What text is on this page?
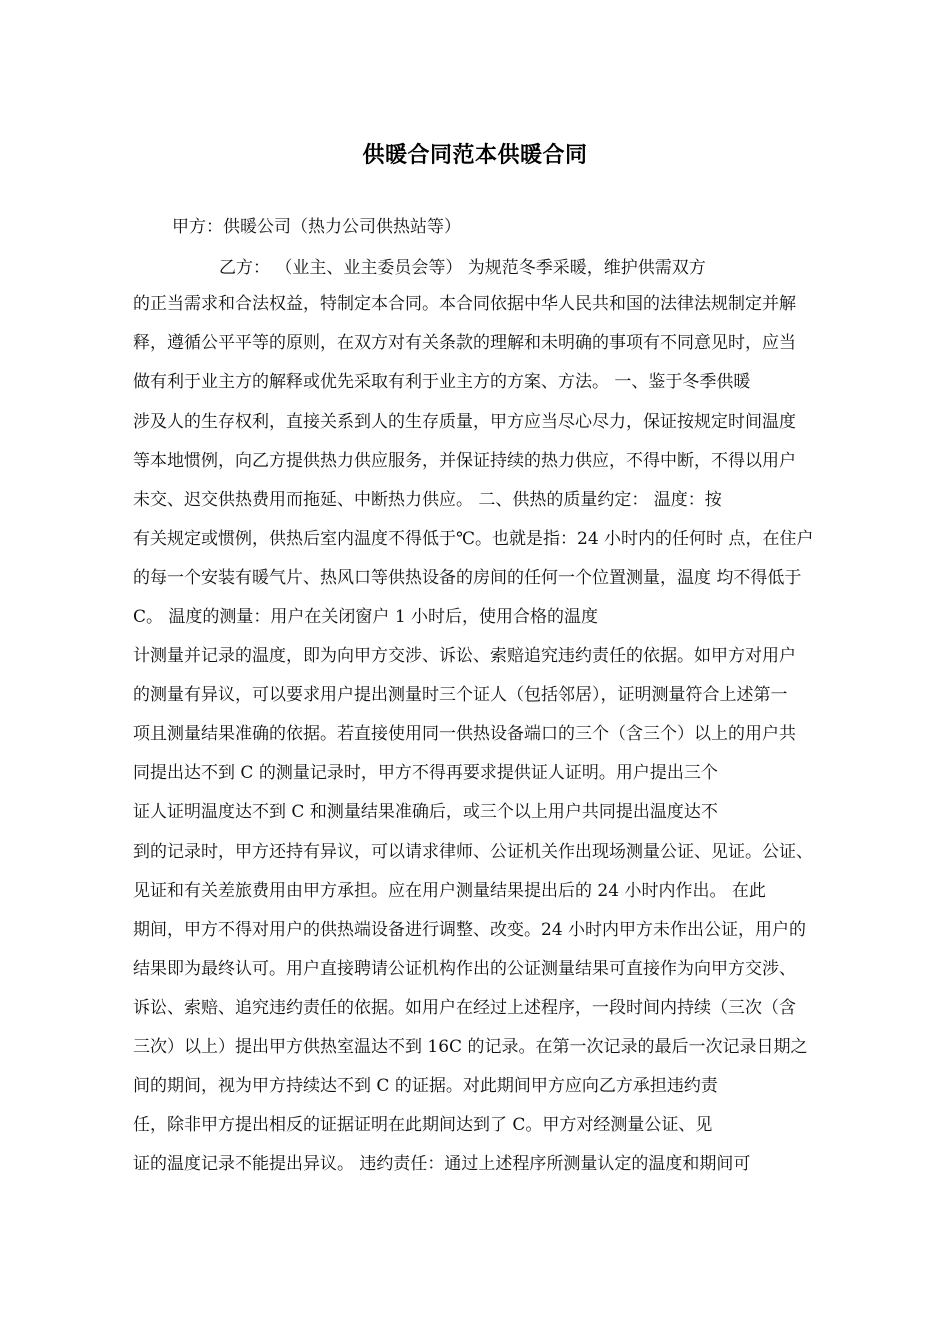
供暖合同范本供暖合同
甲方：供暖公司（热力公司供热站等）
乙方： （业主、业主委员会等） 为规范冬季采暖，维护供需双方
的正当需求和合法权益，特制定本合同。本合同依据中华人民共和国的法律法规制定并解
释，遵循公平平等的原则，在双方对有关条款的理解和未明确的事项有不同意见时，应当
做有利于业主方的解释或优先采取有利于业主方的方案、方法。 一、鉴于冬季供暖
涉及人的生存权利，直接关系到人的生存质量，甲方应当尽心尽力，保证按规定时间温度
等本地惯例，向乙方提供热力供应服务，并保证持续的热力供应，不得中断，不得以用户
未交、迟交供热费用而拖延、中断热力供应。 二、供热的质量约定： 温度：按
有关规定或惯例，供热后室内温度不得低于℃。也就是指：24 小时内的任何时 点，在住户
的每一个安装有暖气片、热风口等供热设备的房间的任何一个位置测量，温度 均不得低于
C。 温度的测量：用户在关闭窗户 1 小时后，使用合格的温度
计测量并记录的温度，即为向甲方交涉、诉讼、索赔追究违约责任的依据。如甲方对用户
的测量有异议，可以要求用户提出测量时三个证人（包括邻居），证明测量符合上述第一
项且测量结果准确的依据。若直接使用同一供热设备端口的三个（含三个）以上的用户共
同提出达不到 C 的测量记录时，甲方不得再要求提供证人证明。用户提出三个
证人证明温度达不到 C 和测量结果准确后，或三个以上用户共同提出温度达不
到的记录时，甲方还持有异议，可以请求律师、公证机关作出现场测量公证、见证。公证、
见证和有关差旅费用由甲方承担。应在用户测量结果提出后的 24 小时内作出。 在此
期间，甲方不得对用户的供热端设备进行调整、改变。24 小时内甲方未作出公证，用户的
结果即为最终认可。用户直接聘请公证机构作出的公证测量结果可直接作为向甲方交涉、
诉讼、索赔、追究违约责任的依据。如用户在经过上述程序，一段时间内持续（三次（含
三次）以上）提出甲方供热室温达不到 16C 的记录。在第一次记录的最后一次记录日期之
间的期间，视为甲方持续达不到 C 的证据。对此期间甲方应向乙方承担违约责
任，除非甲方提出相反的证据证明在此期间达到了 C。甲方对经测量公证、见
证的温度记录不能提出异议。 违约责任：通过上述程序所测量认定的温度和期间可
